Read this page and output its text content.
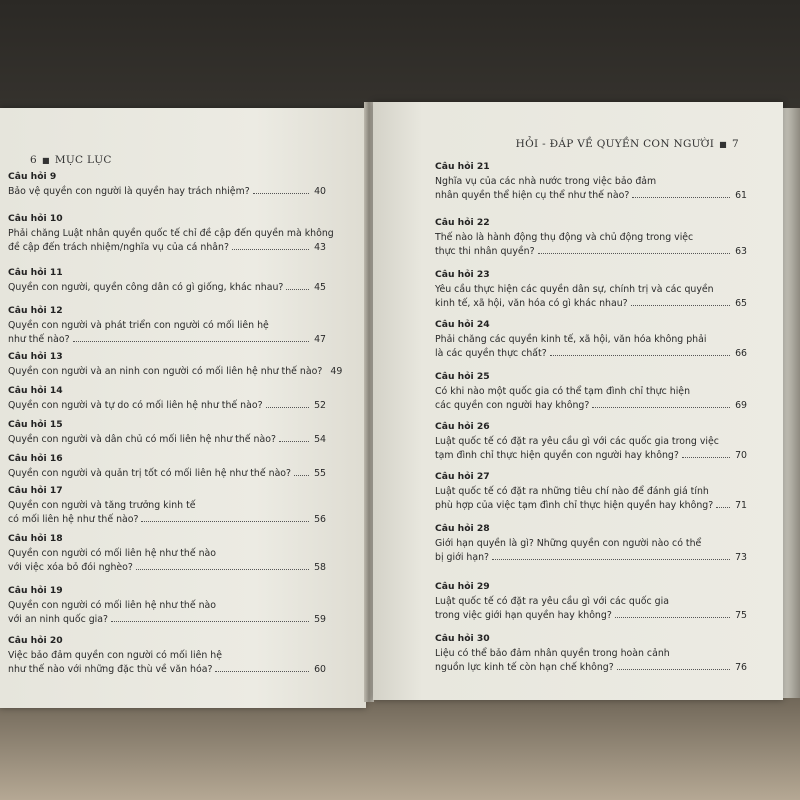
6 ■ MỤC LỤC
Câu hỏi 9
Bảo vệ quyền con người là quyền hay trách nhiệm?	40
Câu hỏi 10
Phải chăng Luật nhân quyền quốc tế chỉ đề cập đến quyền mà không
đề cập đến trách nhiệm/nghĩa vụ của cá nhân?	43
Câu hỏi 11
Quyền con người, quyền công dân có gì giống, khác nhau?	45
Câu hỏi 12
Quyền con người và phát triển con người có mối liên hệ
như thế nào?	47
Câu hỏi 13
Quyền con người và an ninh con người có mối liên hệ như thế nào? 49
Câu hỏi 14
Quyền con người và tự do có mối liên hệ như thế nào?	52
Câu hỏi 15
Quyền con người và dân chủ có mối liên hệ như thế nào?	54
Câu hỏi 16
Quyền con người và quản trị tốt có mối liên hệ như thế nào? 55
Câu hỏi 17
Quyền con người và tăng trưởng kinh tế
có mối liên hệ như thế nào?	56
Câu hỏi 18
Quyền con người có mối liên hệ như thế nào
với việc xóa bỏ đói nghèo?	58
Câu hỏi 19
Quyền con người có mối liên hệ như thế nào
với an ninh quốc gia?	59
Câu hỏi 20
Việc bảo đảm quyền con người có mối liên hệ
như thế nào với những đặc thù về văn hóa?	60
HỎI - ĐÁP VỀ QUYỀN CON NGƯỜI ■ 7
Câu hỏi 21
Nghĩa vụ của các nhà nước trong việc bảo đảm
nhân quyền thể hiện cụ thể như thế nào?	61
Câu hỏi 22
Thế nào là hành động thụ động và chủ động trong việc
thực thi nhân quyền?	63
Câu hỏi 23
Yêu cầu thực hiện các quyền dân sự, chính trị và các quyền
kinh tế, xã hội, văn hóa có gì khác nhau?	65
Câu hỏi 24
Phải chăng các quyền kinh tế, xã hội, văn hóa không phải
là các quyền thực chất?	66
Câu hỏi 25
Có khi nào một quốc gia có thể tạm đình chỉ thực hiện
các quyền con người hay không?	69
Câu hỏi 26
Luật quốc tế có đặt ra yêu cầu gì với các quốc gia trong việc
tạm đình chỉ thực hiện quyền con người hay không?	70
Câu hỏi 27
Luật quốc tế có đặt ra những tiêu chí nào để đánh giá tính
phù hợp của việc tạm đình chỉ thực hiện quyền hay không? 71
Câu hỏi 28
Giới hạn quyền là gì? Những quyền con người nào có thể
bị giới hạn?	73
Câu hỏi 29
Luật quốc tế có đặt ra yêu cầu gì với các quốc gia
trong việc giới hạn quyền hay không?	75
Câu hỏi 30
Liệu có thể bảo đảm nhân quyền trong hoàn cảnh
nguồn lực kinh tế còn hạn chế không?	76
